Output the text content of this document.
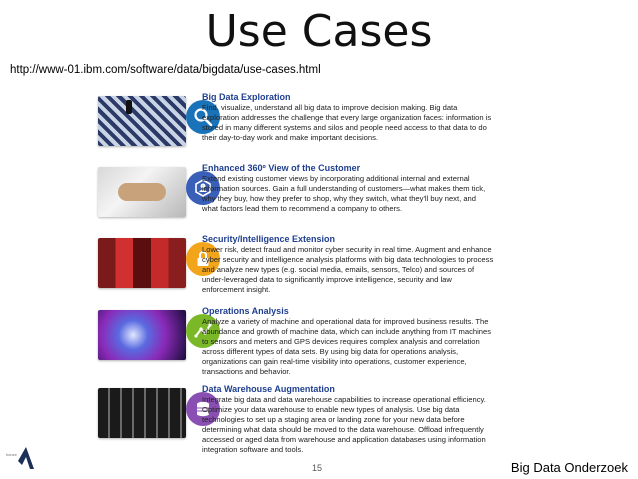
Use Cases
http://www-01.ibm.com/software/data/bigdata/use-cases.html
Big Data Exploration
Find, visualize, understand all big data to improve decision making. Big data exploration addresses the challenge that every large organization faces: information is stored in many different systems and silos and people need access to that data to do their day-to-day work and make important decisions.
Enhanced 360º View of the Customer
Extend existing customer views by incorporating additional internal and external information sources. Gain a full understanding of customers—what makes them tick, why they buy, how they prefer to shop, why they switch, what they'll buy next, and what factors lead them to recommend a company to others.
Security/Intelligence Extension
Lower risk, detect fraud and monitor cyber security in real time. Augment and enhance cyber security and intelligence analysis platforms with big data technologies to process and analyze new types (e.g. social media, emails, sensors, Telco) and sources of under-leveraged data to significantly improve intelligence, security and law enforcement insight.
Operations Analysis
Analyze a variety of machine and operational data for improved business results. The abundance and growth of machine data, which can include anything from IT machines to sensors and meters and GPS devices requires complex analysis and correlation across different types of data sets. By using big data for operations analysis, organizations can gain real-time visibility into operations, customer experience, transactions and behavior.
Data Warehouse Augmentation
Integrate big data and data warehouse capabilities to increase operational efficiency. Optimize your data warehouse to enable new types of analysis. Use big data technologies to set up a staging area or landing zone for your new data before determining what data should be moved to the data warehouse. Offload infrequently accessed or aged data from warehouse and application databases using information integration software and tools.
hanze
15	Big Data Onderzoek
